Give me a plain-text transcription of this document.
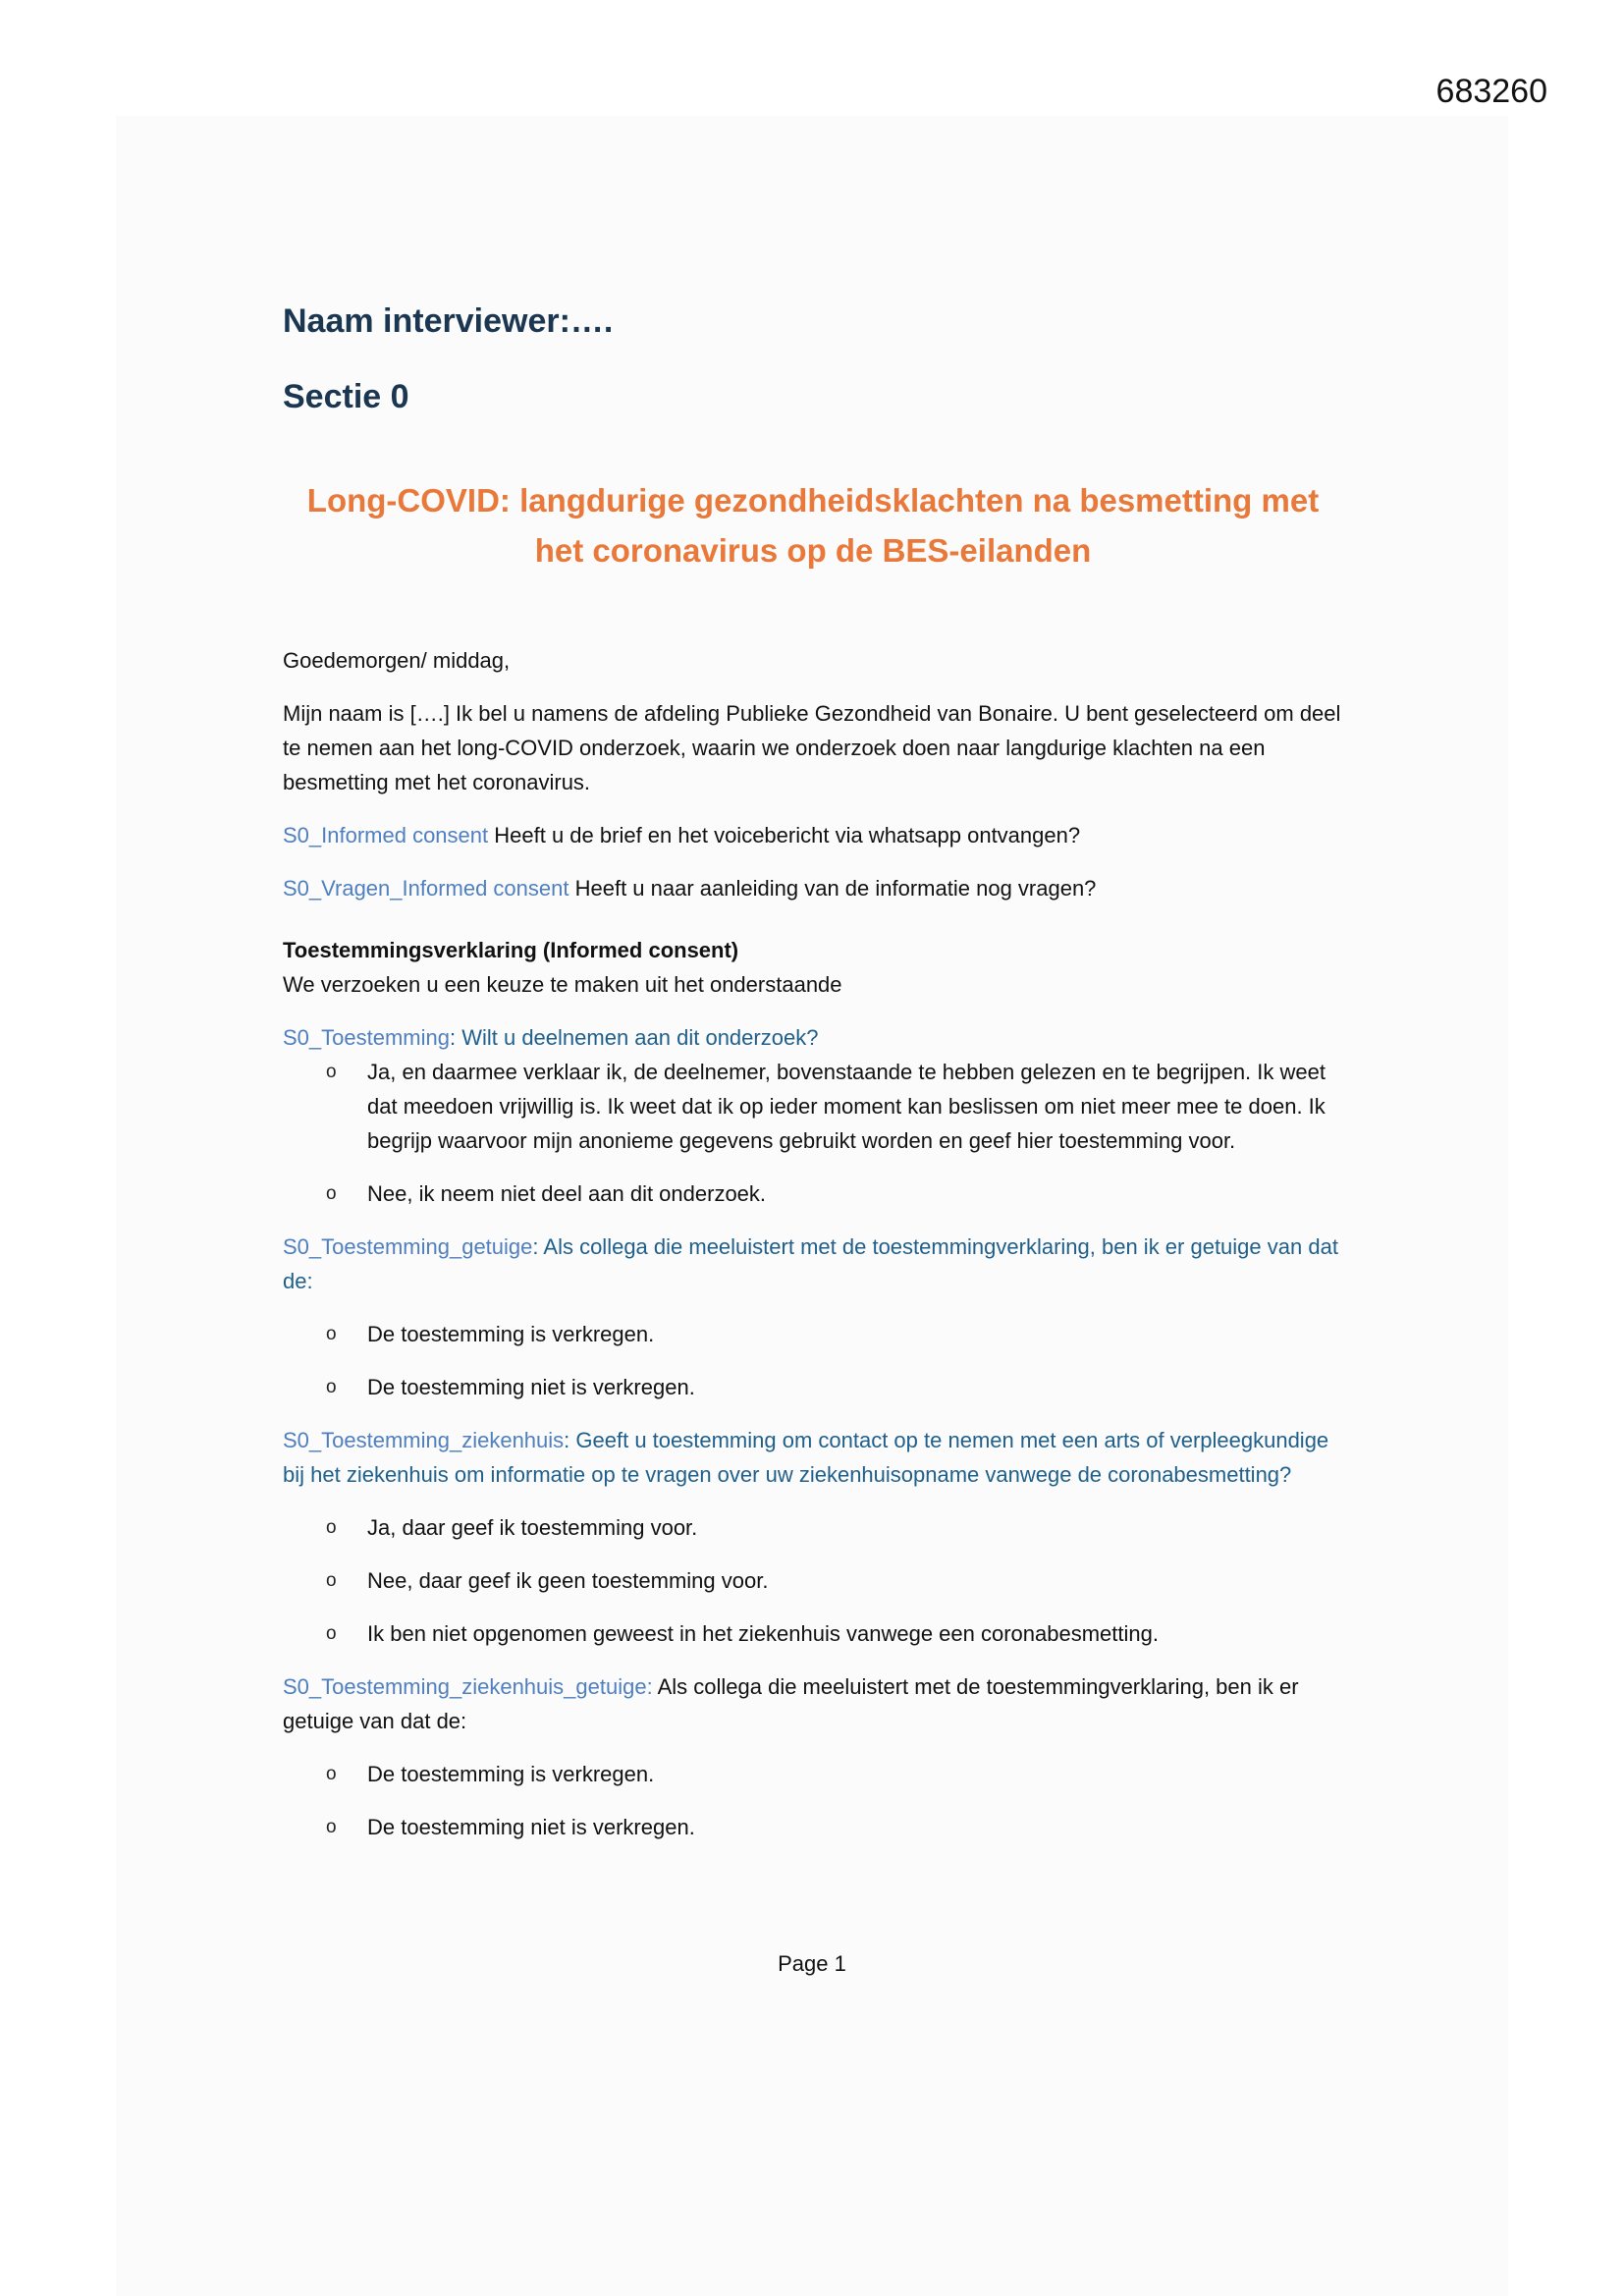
683260
Naam interviewer:….
Sectie 0
Long-COVID: langdurige gezondheidsklachten na besmetting met
het coronavirus op de BES-eilanden

Goedemorgen/ middag,

Mijn naam is [….] Ik bel u namens de afdeling Publieke Gezondheid van Bonaire. U bent geselecteerd om deel te nemen aan het long-COVID onderzoek, waarin we onderzoek doen naar langdurige klachten na een besmetting met het coronavirus.

S0_Informed consent Heeft u de brief en het voicebericht via whatsapp ontvangen?

S0_Vragen_Informed consent Heeft u naar aanleiding van de informatie nog vragen?

Toestemmingsverklaring (Informed consent)

We verzoeken u een keuze te maken uit het onderstaande

S0_Toestemming: Wilt u deelnemen aan dit onderzoek?

o Ja, en daarmee verklaar ik, de deelnemer, bovenstaande te hebben gelezen en te begrijpen. Ik weet dat meedoen vrijwillig is. Ik weet dat ik op ieder moment kan beslissen om niet meer mee te doen. Ik begrijp waarvoor mijn anonieme gegevens gebruikt worden en geef hier toestemming voor.
o Nee, ik neem niet deel aan dit onderzoek.

S0_Toestemming_getuige: Als collega die meeluistert met de toestemmingverklaring, ben ik er getuige van dat de:

o De toestemming is verkregen.
o De toestemming niet is verkregen.

S0_Toestemming_ziekenhuis: Geeft u toestemming om contact op te nemen met een arts of verpleegkundige bij het ziekenhuis om informatie op te vragen over uw ziekenhuisopname vanwege de coronabesmetting?

o Ja, daar geef ik toestemming voor.
o Nee, daar geef ik geen toestemming voor.
o Ik ben niet opgenomen geweest in het ziekenhuis vanwege een coronabesmetting.

S0_Toestemming_ziekenhuis_getuige: Als collega die meeluistert met de toestemmingverklaring, ben ik er getuige van dat de:

o De toestemming is verkregen.
o De toestemming niet is verkregen.
Page 1
